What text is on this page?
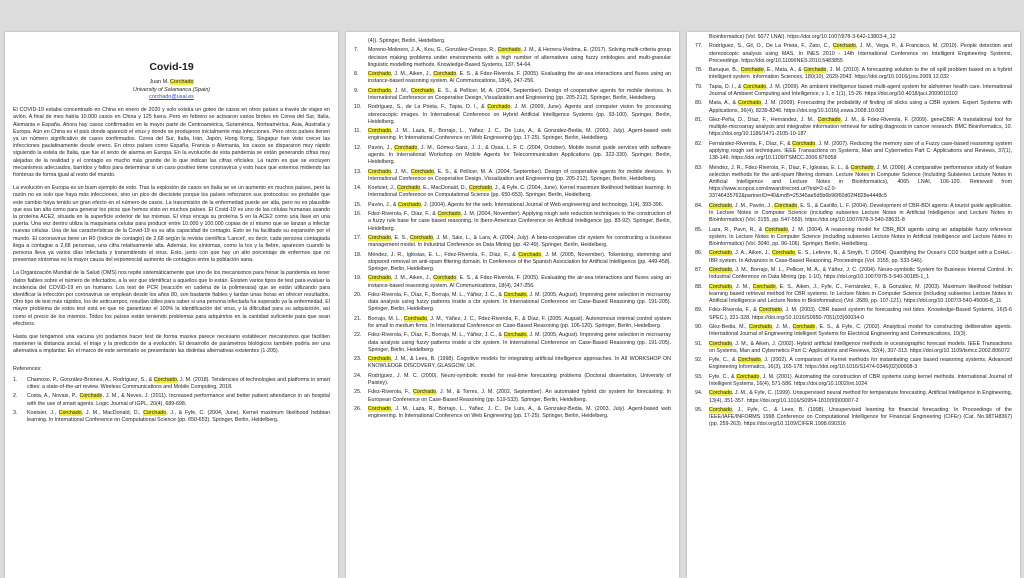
Covid-19
Juan M. Corchado
University of Salamanca (Spain)
corchado@usal.es

El COVID-19 estaba concentrado en China en enero de 2020 y solo existía un goteo de casos en otros países a través de viajes en avión. A final de mes había 10.000 casos en China y 125 fuera. Pero en febrero se activaron varios brotes en Corea del Sur, Italia, Alemania e España. Ahora hay casos confirmados en la mayor parte de Centroamérica, Suramérica, Norteamérica, Asia, Australia y Europa. Aún en China es el país donde apareció el virus y donde se produjeron inicialmente más infecciones. Pero otros países tienen ya un número significativo de casos confirmados. Corea del Sur, Italia, Irán, Japón, Hong Kong, Singapur han visto crecer las infecciones paulatinamente desde enero. En otros países como España, Francia o Alemania, los casos se dispararon muy rápido siguiendo la estela de Italia, que fue el sexto de alarma en Europa. En la evolución de esta pandemia se están generando cifras muy alejadas de la realidad y el contagio es mucho más grande de lo que indican las cifras oficiales. La razón es que se excluyen mecanismos adecuados, barridos y fallos para determinar si un caso positivo tiene coronavirus y esto hace que estemos midiendo las fronteras de forma igual al resto del mundo.

La evolución en Europa es un buen ejemplo de esto. Tras la explosión de casos en Italia se ve un aumento en muchos países, pero la razón no es solo que haya más infecciones, sino un pico de diecisiete porque los países reforzaron sus protocolos: es probable que este cambio haya tenido un gran efecto en el número de casos. La transmisión de la enfermedad puede ser alta, pero no es plausible que esa tan alta como para generar los picos que hemos visto en muchos países. El Covid-19 es uno de las células humanas usando la proteína ACE2, situada en la superficie exterior de las mismas. El virus encaja su proteína S en la ACE2 como una llave en una puerta. Una vez dentro utiliza la maquinaria celular para producir entre 10.000 y 100.000 copias de sí mismo que se lanzan a infectar nuevas células. Una de las características de la Covid-19 es su alta capacidad de contagio. Esto se ha facilitado su expansión por el mundo. El coronavirus tiene un R0 (índice de contagio) de 2,68 según la revista científica 'Lancet', es decir, cada persona contagiada llega a contagiar a 2,68 personas, una cifra relativamente alta. Además, los síntomas, como la tos y la fiebre, aparecen cuando la persona lleva ya varios días infectada y transmitiendo el virus. Esto, junto con que hay un alto porcentaje de enfermos que no presentan síntomas es la mayor causa del exponencial aumento de contagios entre la población sana.

La Organización Mundial de la Salud (OMS) nos repite sistemáticamente que uno de los mecanismos para frenar la pandemia es tener datos fiables sobre el número de infectados, a la vez que identificar a aquellos que lo están. Existen varios tipos de test para evaluar la incidencia del COVID-19 en un humano. Los test de PCR (reacción en cadena de la polimerasa) que se están utilizando para identificar la infección por coronavirus se emplean desde los años 80, son bastante fiables y tardan unas horas en ofrecer resultados. Otro tipo de test más rápidos, los de anticuerpos, resultan útiles para saber si una persona infectada ha superado ya la enfermedad. El mayor problema de estos test está en que no garantizan el 100% la identificación del virus, y la dificultad para su adquisición, así como el precio de los mismos. Todos los países están teniendo problemas para adquirirlos en la cantidad suficiente para que sean efectivos.

Hasta que tengamos una vacuna y/o podamos hacer test de forma masiva parece necesario establecer mecanismos que faciliten mantener la distancia social, el triaje y la predicción de a evolución. El desarrollo de parámetros biológicos también podría ser una alternativa a implantar. En el marco de este seminario se presentarán las distintas alternativas existentes (1-205).

References:
1.	Chamoso, P., González-Briones, A., Rodríguez, S., & Corchado, J. M. (2018). Tendencies of technologies and platforms in smart cities: a state-of-the-art review. Wireless Communications and Mobile Computing, 2018.
2.	Costa, A., Novais, P., Corchado, J. M., & Neves, J. (2011). Increased performance and better patient attendance in an hospital with the use of smart agents. Logic Journal of IGPL, 20(4), 689-698.
3.	Koetsier, J., Corchado, J. M., MacDonald, D., Corchado, J., & Fyfe, C. (2004, June). Kernel maximum likelihood hebbian learning. In International Conference on Computational Science (pp. 650-653). Springer, Berlin, Heidelberg.
(4)). Springer, Berlin, Heidelberg.
7.	Moreno-Molinero, J. A., Kou, G., González-Crespo, R., Corchado, J. M., & Herrera-Viedma, E. (2017). Solving multi-criteria group decision making problems under environments with a high number of alternatives using fuzzy ontologies and multi-granular linguistic modelling methods. Knowledge-Based Systems, 137, 54-64.
8.	Corchado, J. M., Aiken, J., Corchado, E. S., & Fdez-Riverola, F. (2005). Evaluating the air-sea interactions and fluxes using an instance-based reasoning system. AI Communications, 18(4), 247-256.
9.	Corchado, J. M., Corchado, E. S., & Pellicer, M. A. (2004, September). Design of cooperative agents for mobile devices. In International Conference on Cooperative Design, Visualization and Engineering (pp. 205-212). Springer, Berlin, Heidelberg.
10.	Rodríguez, S., de La Prieta, F., Tapia, D. I., & Corchado, J. M. (2009, June). Agents and computer vision for processing stereoscopic images. In International Conference on Hybrid Artificial Intelligence Systems (pp. 93-100). Springer, Berlin, Heidelberg.
11.	Corchado, J. M., Laza, R., Borrajo, L., Yañez, J. C., De Luis, A., & Gonzalez-Bedia, M. (2003, July). Agent-based web engineering. In International Conference on Web Engineering (pp. 17-25). Springer, Berlin, Heidelberg.
12.	Pavón, J., Corchado, J. M., Gómez-Sanz, J. J., & Ossa, L. F. C. (2004, October). Mobile tourist guide services with software agents. In International Workshop on Mobile Agents for Telecommunication Applications (pp. 322-330). Springer, Berlin, Heidelberg.
13.	Corchado, J. M., Corchado, E. S., & Pellicer, M. A. (2004, September). Design of cooperative agents for mobile devices. In International Conference on Cooperative Design, Visualization and Engineering (pp. 205-212). Springer, Berlin, Heidelberg.
14.	Koetsier, J., Corchado, E., MacDonald, D., Corchado, J., & Fyfe, C. (2004, June). Kernel maximum likelihood hebbian learning. In International Conference on Computational Science (pp. 650-653). Springer, Berlin, Heidelberg.
15.	Pavón, J., & Corchado, J. (2004). Agents for the web. International Journal of Web engineering and technology, 1(4), 393-396.
16.	Fdez-Riverola, F., Díaz, F., & Corchado, J. M. (2004, November). Applying rough sets reduction techniques to the construction of a fuzzy rule base for case based reasoning. In Ibero-American Conference on Artificial Intelligence (pp. 83-92). Springer, Berlin, Heidelberg.
17.	Corchado, E. S., Corchado, J. M., Sáiz, L., & Lara, A. (2004, July). A beta-cooperative cbr system for constructing a business management model. In Industrial Conference on Data Mining (pp. 42-49). Springer, Berlin, Heidelberg.
18.	Méndez, J. R., Iglesias, E. L., Fdez-Riverola, F., Díaz, F., & Corchado, J. M. (2005, November). Tokenising, stemming and stopword removal on anti-spam filtering domain. In Conference of the Spanish Association for Artificial Intelligence (pp. 449-458). Springer, Berlin, Heidelberg.
19.	Corchado, J. M., Aiken, J., Corchado, E. S., & Fdez-Riverola, F. (2005). Evaluating the air-sea interactions and fluxes using an instance-based reasoning system. AI Communications, 18(4), 247-256.
20.	Fdez-Riverola, F., Díaz, F., Borrajo, M. L., Yáñez, J. C., & Corchado, J. M. (2005, August). Improving gene selection in microarray data analysis using fuzzy patterns inside a cbr system. In International Conference on Case-Based Reasoning (pp. 191-205). Springer, Berlin, Heidelberg.
21.	Borrajo, M. L., Corchado, J. M., Yáñez, J. C., Fdez-Riverola, F., & Díaz, F. (2005, August). Autonomous internal control system for small to medium firms. In International Conference on Case-Based Reasoning (pp. 106-120). Springer, Berlin, Heidelberg.
22.	Fdez-Riverola, F., Díaz, F., Borrajo, M. L., Yáñez, J. C., & Corchado, J. M. (2005, August). Improving gene selection in microarray data analysis using fuzzy patterns inside a cbr system. In International Conference on Case-Based Reasoning (pp. 191-205). Springer, Berlin, Heidelberg.
23.	Corchado, J. M., & Lees, B. (1998). Cognitive models for integrating artificial intelligence approaches. In AII WORKSHOP ON KNOWLEDGE DISCOVERY, GLASGOW, UK.
24.	Rodríguez, J. M. C. (2000). Neuro-symbolic model for real-time forecasting problems (Doctoral dissertation, University of Paisley).
25.	Fdez-Riverola, F., Corchado, J. M., & Torres, J. M. (2002, September). An automated hybrid cbr system for forecasting. In European Conference on Case-Based Reasoning (pp. 519-533). Springer, Berlin, Heidelberg.
26.	Corchado, J. M., Laza, R., Borrajo, L., Yañez, J. C., De Luis, A., & Gonzalez-Bedia, M. (2003, July). Agent-based web engineering. In International Conference on Web Engineering (pp. 17-25). Springer, Berlin, Heidelberg.
Bioinformatics) (Vol. 6077 LNAI). https://doi.org/10.1007/978-3-642-13803-4_12
77.	Rodríguez, S., Gil, O., De La Prieta, F., Zato, C., Corchado, J. M., Vega, P., & Francisco, M. (2010). People detection and stereoscopic analysis using MAS. In INES 2010 - 14th International Conference on Intelligent Engineering Systems, Proceedings. https://doi.org/10.1109/INES.2010.5483855
78.	Baruque, B., Corchado, E., Mata, A., & Corchado, J. M. (2010). A forecasting solution to the oil spill problem based on a hybrid intelligent system. Information Sciences, 180(10), 2029-2043. https://doi.org/10.1016/j.ins.2009.12.032
79.	Tapia, D. I., & Corchado, J. M. (2009). An ambient intelligence based multi-agent system for alzheimer health care. International Journal of Ambient Computing and Intelligence, v 1, n 1(1), 15-26. https://doi.org/10.4018/jaci.2009010102
80.	Mata, A., & Corchado, J. M. (2009). Forecasting the probability of finding oil slicks using a CBR system. Expert Systems with Applications, 36(4), 8239-8246. https://doi.org/10.1016/j.eswa.2008.10.003
81.	Glez-Peña, D., Díaz, F., Hernández, J. M., Corchado, J. M., & Fdez-Riverola, F. (2009). geneCBR: A translational tool for multiple-microarray analysis and integrative information retrieval for aiding diagnosis in cancer research. BMC Bioinformatics, 10. https://doi.org/10.1186/1471-2105-10-187
82.	Fernández-Riverola, F., Díaz, F., & Corchado, J. M. (2007). Reducing the memory size of a Fuzzy case-based reasoning system applying rough set techniques. IEEE Transactions on Systems, Man and Cybernetics Part C: Applications and Reviews, 37(1), 138-146. https://doi.org/10.1109/TSMCC.2006.876058
83.	Méndez, J. R., Fdez-Riverola, F., Díaz, F., Iglesias, E. L., & Corchado, J. M. (2006). A comparative performance study of feature selection methods for the anti-spam filtering domain. Lecture Notes in Computer Science (Including Subseries Lecture Notes in Artificial Intelligence and Lecture Notes in Bioinformatics), 4065 LNAI, 106-120. Retrieved from https://www.scopus.com/inward/record.uri?eid=2-s2.0-33746435762&partnerID=40&md5=25345ae5d5b6b96f60d02f4828e4448c5
84.	Corchado, J. M., Pavón, J., Corchado, E. S., & Castillo, L. F. (2004). Development of CBR-BDI agents: A tourist guide application. In Lecture Notes in Computer Science (including subseries Lecture Notes in Artificial Intelligence and Lecture Notes in Bioinformatics) (Vol. 3155, pp. 547-559). https://doi.org/10.1007/978-3-540-28631-8
85.	Laza, R., Pavn, R., & Corchado, J. M. (2004). A reasoning model for CBR_BDI agents using an adaptable fuzzy inference system. In Lecture Notes in Computer Science (including subseries Lecture Notes in Artificial Intelligence and Lecture Notes in Bioinformatics) (Vol. 3040, pp. 96-106). Springer, Berlin, Heidelberg.
86.	Corchado, J. A., Aiken, J., Corchado, E. S., Lefevre, N., & Smyth, T. (2004). Quantifying the Ocean's CO2 budget with a CoHeL-IBR system. In Advances in Case-Based Reasoning, Proceedings (Vol. 3155, pp. 533-546).
87.	Corchado, J. M., Borrajo, M. L., Pellicer, M. A., & Yáñez, J. C. (2004). Neuro-symbolic System for Business Internal Control. In Industrial Conference on Data Mining (pp. 1-10). https://doi.org/10.1007/978-3-540-30185-1_1
88.	Corchado, J. M., Corchado, E. S., Aiken, J., Fyfe, C., Fernández, F., & González, M. (2003). Maximum likelihood hebbian learning based retrieval method for CBR systems. In Lecture Notes in Computer Science (including subseries Lecture Notes in Artificial Intelligence and Lecture Notes in Bioinformatics) (Vol. 2689, pp. 107-121). https://doi.org/10.1007/3-540-45006-8_11
89.	Fdez-Riverola, F., & Corchado, J. M. (2003). CBR based system for forecasting red tides. Knowledge-Based Systems, 16(5-6 SPEC.), 321-328. https://doi.org/10.1016/S0950-7051(03)00034-0
90.	Glez-Bedia, M., Corchado, J. M., Corchado, E. S., & Fyfe, C. (2002). Analytical model for constructing deliberative agents. International Journal of Engineering Intelligent Systems for Electrical Engineering and Communications, 10(3).
91.	Corchado, J. M., & Aiken, J. (2002). Hybrid artificial intelligence methods in oceanographic forecast models. IEEE Transactions on Systems, Man and Cybernetics Part C: Applications and Reviews, 32(4), 307-313. https://doi.org/10.1109/tsmcc.2002.806072
92.	Fyfe, C., & Corchado, J. (2002). A comparison of Kernel methods for instantiating case based reasoning systems. Advanced Engineering Informatics, 16(3), 165-178. https://doi.org/10.1016/S1474-0346(02)00008-3
93.	Fyfe, C., & Corchado, J. M. (2001). Automating the construction of CBR systems using kernel methods. International Journal of Intelligent Systems, 16(4), 571-586. https://doi.org/10.1002/int.1024
94.	Corchado, J. M., & Fyfe, C. (1999). Unsupervised neural method for temperature forecasting. Artificial Intelligence in Engineering, 13(4), 351-357. https://doi.org/10.1016/S0954-1810(99)00007-2
95.	Corchado, J., Fyfe, C., & Lees, B. (1998). Unsupervised learning for financial forecasting. In Proceedings of the IEEE/IAFE/INFORMS 1998 Conference on Computational Intelligence for Financial Engineering (CIFEr) (Cat. No.98TH8367) (pp. 259-263). https://doi.org/10.1109/CIFER.1998.690316
